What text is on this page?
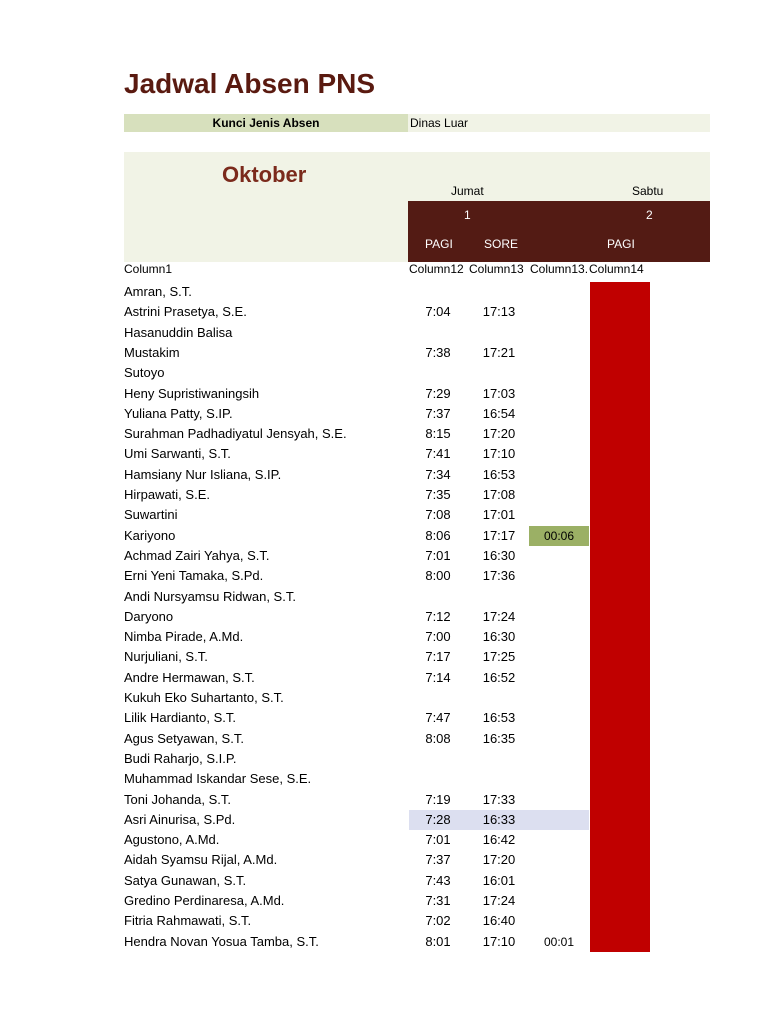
Jadwal Absen PNS
Kunci Jenis Absen	Dinas Luar
Oktober
Jumat	Sabtu
1	2
PAGI	SORE	PAGI
Column1	Column12 Column13 Column13. Column14
Amran, S.T.
Astrini Prasetya, S.E.	7:04	17:13
Hasanuddin Balisa
Mustakim	7:38	17:21
Sutoyo
Heny Supristiwaningsih	7:29	17:03
Yuliana Patty, S.IP.	7:37	16:54
Surahman Padhadiyatul Jensyah, S.E.	8:15	17:20
Umi Sarwanti, S.T.	7:41	17:10
Hamsiany Nur Isliana, S.IP.	7:34	16:53
Hirpawati, S.E.	7:35	17:08
Suwartini	7:08	17:01
Kariyono	8:06	17:17	00:06
Achmad Zairi Yahya, S.T.	7:01	16:30
Erni Yeni Tamaka, S.Pd.	8:00	17:36
Andi Nursyamsu Ridwan, S.T.
Daryono	7:12	17:24
Nimba Pirade, A.Md.	7:00	16:30
Nurjuliani, S.T.	7:17	17:25
Andre Hermawan, S.T.	7:14	16:52
Kukuh Eko Suhartanto, S.T.
Lilik Hardianto, S.T.	7:47	16:53
Agus Setyawan, S.T.	8:08	16:35
Budi Raharjo, S.I.P.
Muhammad Iskandar Sese, S.E.
Toni Johanda, S.T.	7:19	17:33
Asri Ainurisa, S.Pd.	7:28	16:33
Agustono, A.Md.	7:01	16:42
Aidah Syamsu Rijal, A.Md.	7:37	17:20
Satya Gunawan, S.T.	7:43	16:01
Gredino Perdinaresa, A.Md.	7:31	17:24
Fitria Rahmawati, S.T.	7:02	16:40
Hendra Novan Yosua Tamba, S.T.	8:01	17:10	00:01
